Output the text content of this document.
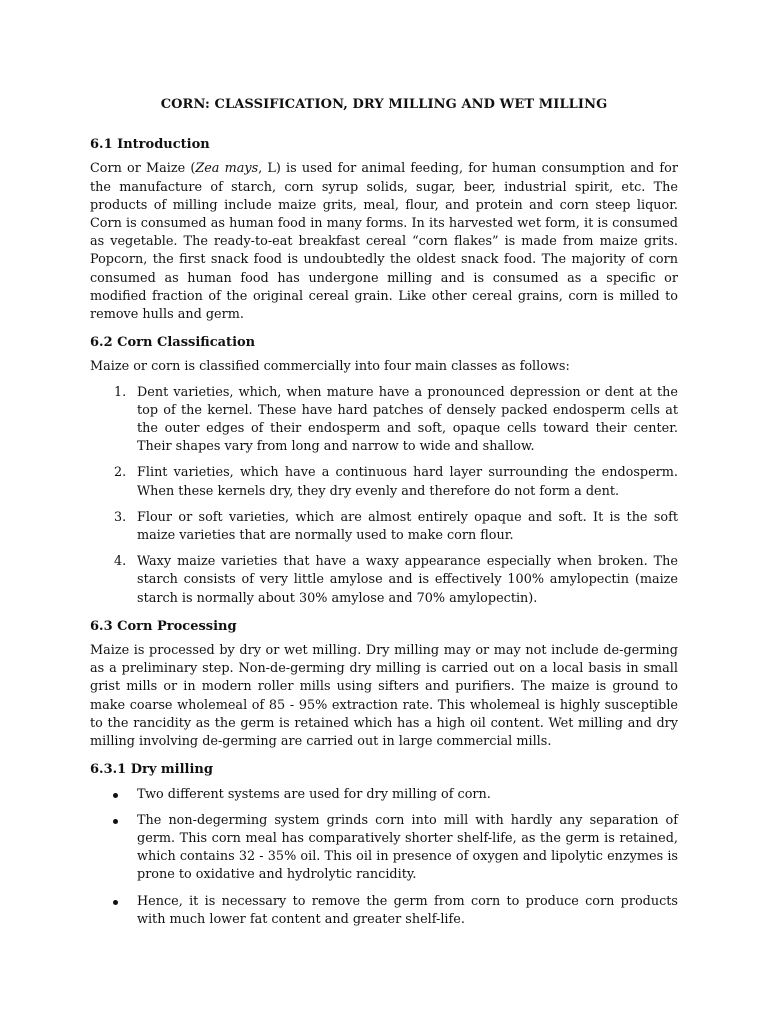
CORN: CLASSIFICATION, DRY MILLING AND WET MILLING
6.1 Introduction

Corn or Maize (Zea mays, L) is used for animal feeding, for human consumption and for the manufacture of starch, corn syrup solids, sugar, beer, industrial spirit, etc. The products of milling include maize grits, meal, flour, and protein and corn steep liquor. Corn is consumed as human food in many forms. In its harvested wet form, it is consumed as vegetable. The ready-to-eat breakfast cereal “corn flakes” is made from maize grits. Popcorn, the first snack food is undoubtedly the oldest snack food. The majority of corn consumed as human food has undergone milling and is consumed as a specific or modified fraction of the original cereal grain. Like other cereal grains, corn is milled to remove hulls and germ.

6.2 Corn Classification

Maize or corn is classified commercially into four main classes as follows:

1. Dent varieties, which, when mature have a pronounced depression or dent at the top of the kernel. These have hard patches of densely packed endosperm cells at the outer edges of their endosperm and soft, opaque cells toward their center. Their shapes vary from long and narrow to wide and shallow.
2. Flint varieties, which have a continuous hard layer surrounding the endosperm. When these kernels dry, they dry evenly and therefore do not form a dent.
3. Flour or soft varieties, which are almost entirely opaque and soft. It is the soft maize varieties that are normally used to make corn flour.
4. Waxy maize varieties that have a waxy appearance especially when broken. The starch consists of very little amylose and is effectively 100% amylopectin (maize starch is normally about 30% amylose and 70% amylopectin).
6.3 Corn Processing

Maize is processed by dry or wet milling. Dry milling may or may not include de-germing as a preliminary step. Non-de-germing dry milling is carried out on a local basis in small grist mills or in modern roller mills using sifters and purifiers. The maize is ground to make coarse wholemeal of 85 - 95% extraction rate. This wholemeal is highly susceptible to the rancidity as the germ is retained which has a high oil content. Wet milling and dry milling involving de-germing are carried out in large commercial mills.

6.3.1 Dry milling
Two different systems are used for dry milling of corn.
The non-degerming system grinds corn into mill with hardly any separation of germ. This corn meal has comparatively shorter shelf-life, as the germ is retained, which contains 32 - 35% oil. This oil in presence of oxygen and lipolytic enzymes is prone to oxidative and hydrolytic rancidity.
Hence, it is necessary to remove the germ from corn to produce corn products with much lower fat content and greater shelf-life.
